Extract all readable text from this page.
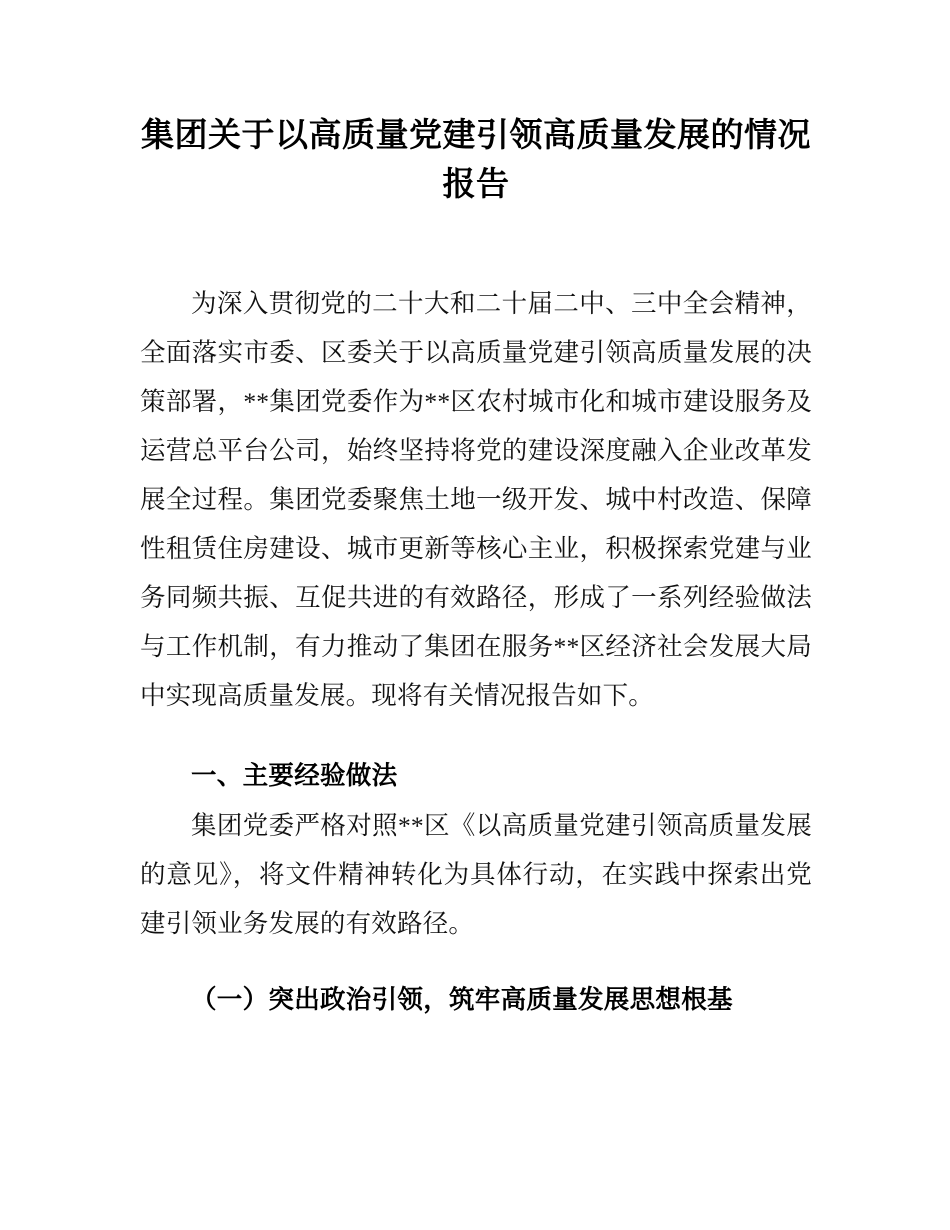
集团关于以高质量党建引领高质量发展的情况报告

为深入贯彻党的二十大和二十届二中、三中全会精神，全面落实市委、区委关于以高质量党建引领高质量发展的决策部署，**集团党委作为**区农村城市化和城市建设服务及运营总平台公司，始终坚持将党的建设深度融入企业改革发展全过程。集团党委聚焦土地一级开发、城中村改造、保障性租赁住房建设、城市更新等核心主业，积极探索党建与业务同频共振、互促共进的有效路径，形成了一系列经验做法与工作机制，有力推动了集团在服务**区经济社会发展大局中实现高质量发展。现将有关情况报告如下。

一、主要经验做法

集团党委严格对照**区《以高质量党建引领高质量发展的意见》，将文件精神转化为具体行动，在实践中探索出党建引领业务发展的有效路径。

（一）突出政治引领，筑牢高质量发展思想根基
